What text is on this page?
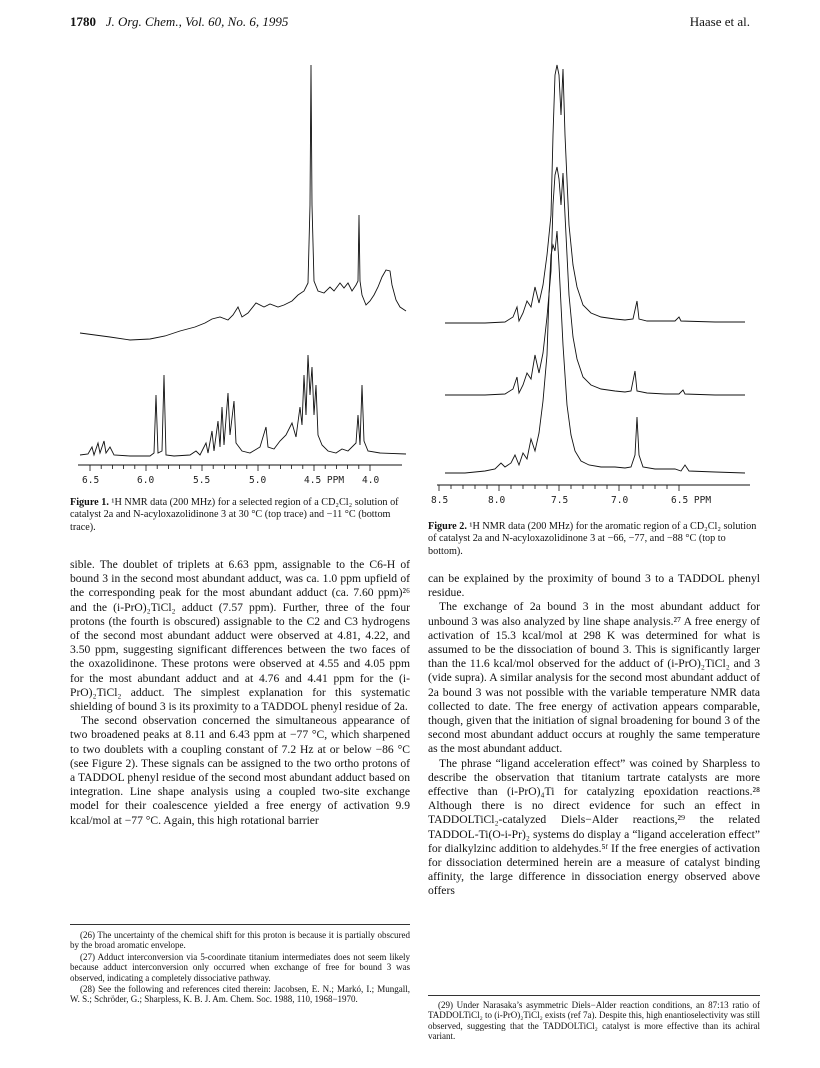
1780 J. Org. Chem., Vol. 60, No. 6, 1995	Haase et al.
6.5	6.0	5.5	5.0	4.5 PPM 4.0
Figure 1. ¹H NMR data (200 MHz) for a selected region of a CD₂Cl₂ solution of catalyst 2a and N-acyloxazolidinone 3 at 30 °C (top trace) and −11 °C (bottom trace).

sible. The doublet of triplets at 6.63 ppm, assignable to the C6-H of bound 3 in the second most abundant adduct, was ca. 1.0 ppm upfield of the corresponding peak for the most abundant adduct (ca. 7.60 ppm)²⁶ and the (i-PrO)₂TiCl₂ adduct (7.57 ppm). Further, three of the four protons (the fourth is obscured) assignable to the C2 and C3 hydrogens of the second most abundant adduct were observed at 4.81, 4.22, and 3.50 ppm, suggesting significant differences between the two faces of the oxazolidinone. These protons were observed at 4.55 and 4.05 ppm for the most abundant adduct and at 4.76 and 4.41 ppm for the (i-PrO)₂TiCl₂ adduct. The simplest explanation for this systematic shielding of bound 3 is its proximity to a TADDOL phenyl residue of 2a.

The second observation concerned the simultaneous appearance of two broadened peaks at 8.11 and 6.43 ppm at −77 °C, which sharpened to two doublets with a coupling constant of 7.2 Hz at or below −86 °C (see Figure 2). These signals can be assigned to the two ortho protons of a TADDOL phenyl residue of the second most abundant adduct based on integration. Line shape analysis using a coupled two-site exchange model for their coalescence yielded a free energy of activation 9.9 kcal/mol at −77 °C. Again, this high rotational barrier

(26) The uncertainty of the chemical shift for this proton is because it is partially obscured by the broad aromatic envelope.

(27) Adduct interconversion via 5-coordinate titanium intermediates does not seem likely because adduct interconversion only occurred when exchange of free for bound 3 was observed, indicating a completely dissociative pathway.

(28) See the following and references cited therein: Jacobsen, E. N.; Markó, I.; Mungall, W. S.; Schröder, G.; Sharpless, K. B. J. Am. Chem. Soc. 1988, 110, 1968−1970.

8.5	8.0	7.5	7.0	6.5 PPM
Figure 2. ¹H NMR data (200 MHz) for the aromatic region of a CD₂Cl₂ solution of catalyst 2a and N-acyloxazolidinone 3 at −66, −77, and −88 °C (top to bottom).

can be explained by the proximity of bound 3 to a TADDOL phenyl residue.

The exchange of 2a bound 3 in the most abundant adduct for unbound 3 was also analyzed by line shape analysis.²⁷ A free energy of activation of 15.3 kcal/mol at 298 K was determined for what is assumed to be the dissociation of bound 3. This is significantly larger than the 11.6 kcal/mol observed for the adduct of (i-PrO)₂TiCl₂ and 3 (vide supra). A similar analysis for the second most abundant adduct of 2a bound 3 was not possible with the variable temperature NMR data collected to date. The free energy of activation appears comparable, though, given that the initiation of signal broadening for bound 3 of the second most abundant adduct occurs at roughly the same temperature as the most abundant adduct.

The phrase “ligand acceleration effect” was coined by Sharpless to describe the observation that titanium tartrate catalysts are more effective than (i-PrO)₄Ti for catalyzing epoxidation reactions.²⁸ Although there is no direct evidence for such an effect in TADDOLTiCl₂-catalyzed Diels−Alder reactions,²⁹ the related TADDOL-Ti(O-i-Pr)₂ systems do display a “ligand acceleration effect” for dialkylzinc addition to aldehydes.⁵ᶠ If the free energies of activation for dissociation determined herein are a measure of catalyst binding affinity, the large difference in dissociation energy observed above offers

(29) Under Narasaka’s asymmetric Diels−Alder reaction conditions, an 87:13 ratio of TADDOLTiCl₂ to (i-PrO)₂TiCl₂ exists (ref 7a). Despite this, high enantioselectivity was still observed, suggesting that the TADDOLTiCl₂ catalyst is more effective than its achiral variant.
